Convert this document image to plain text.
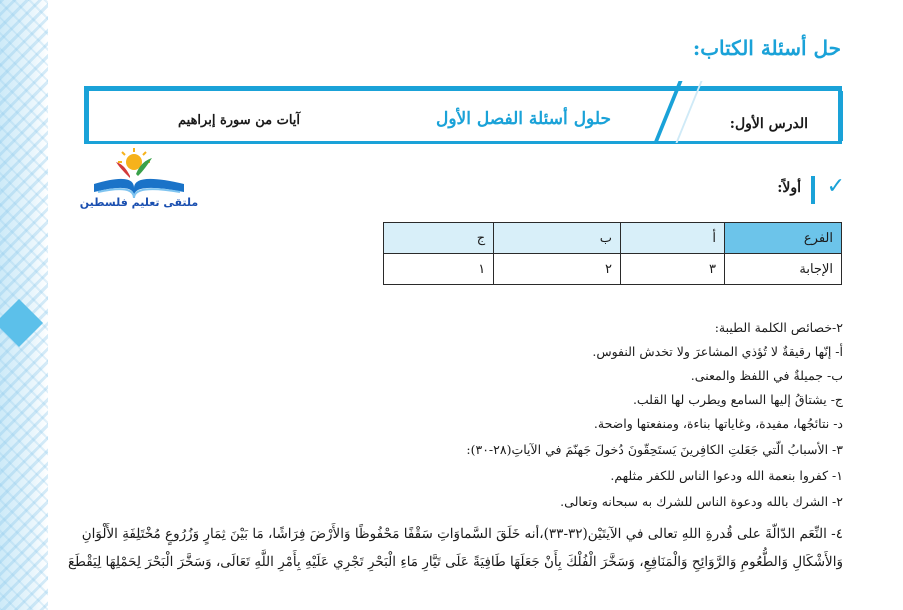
حل أسئلة الكتاب:
الدرس الأول:
حلول أسئلة الفصل الأول
آيات من سورة إبراهيم
ملتقى تعليم فلسطين
✓
أولاً:
الفرع	أ	ب	ج
الإجابة	٣	٢	١

٢-خصائص الكلمة الطيبة:

أ- إنّها رقيقةٌ لا تُؤذي المشاعرَ ولا تخدش النفوس.

ب- جميلةٌ في اللفظ والمعنى.

ج- يشتاقُ إليها السامع ويطرب لها القلب.

د- نتائجُها، مفيدة، وغاياتها بناءة، ومنفعتها واضحة.

٣- الأسبابُ الّتي جَعَلتِ الكافِرينَ يَستَحِقّونَ دُخولَ جَهنّمَ في الآياتِ(٢٨-٣٠):

١- كفروا بنعمة الله ودعوا الناس للكفر مثلهم.

٢- الشرك بالله ودعوة الناس للشرك به سبحانه وتعالى.

٤- النِّعَم الدّالّةَ على قُدرةِ اللهِ تعالى في الآيتَيْن(٣٢-٣٣)،أنه خَلَقَ السَّماوَاتِ سَقْفًا مَحْفُوظًا وَالأَرْضَ فِرَاشًا، مَا بَيْنَ ثِمَارٍ وَزُرُوعٍ مُخْتَلِفَةِ الأَلْوَانِ وَالأَشْكَالِ وَالطُّعُومِ وَالرَّوَائِحِ وَالْمَنَافِعِ، وَسَخَّرَ الْفُلْكَ بِأَنْ جَعَلَهَا طَافِيَةً عَلَى تَيَّارِ مَاءِ الْبَحْرِ تَجْرِي عَلَيْهِ بِأَمْرِ اللَّهِ تَعَالَى، وَسَخَّرَ الْبَحْرَ لِحَمْلِهَا لِيَقْطَعَ
